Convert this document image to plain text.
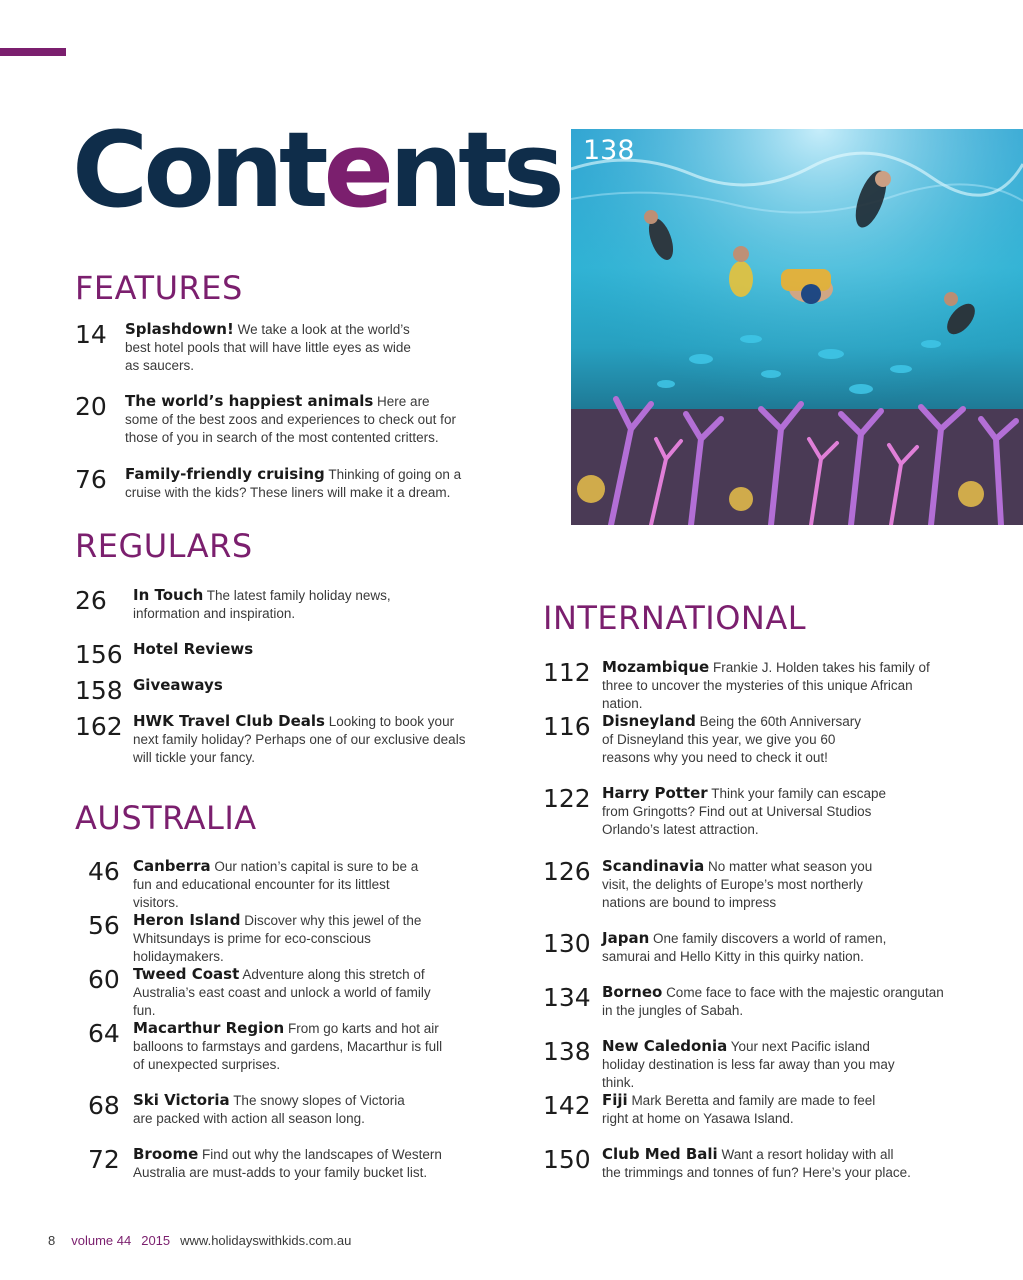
Contents 138
FEATURES
14	Splashdown! We take a look at the world’s best hotel pools that will have little eyes as wide as saucers.
20	The world’s happiest animals Here are some of the best zoos and experiences to check out for those of you in search of the most contented critters.
76	Family-friendly cruising Thinking of going on a cruise with the kids? These liners will make it a dream.
REGULARS
26	In Touch The latest family holiday news, information and inspiration.
156 Hotel Reviews
158 Giveaways
162 HWK Travel Club Deals Looking to book your next family holiday? Perhaps one of our exclusive deals will tickle your fancy.
AUSTRALIA
46 Canberra Our nation’s capital is sure to be a fun and educational encounter for its littlest visitors.
56 Heron Island Discover why this jewel of the Whitsundays is prime for eco-conscious holidaymakers.
60 Tweed Coast Adventure along this stretch of Australia’s east coast and unlock a world of family fun.
64 Macarthur Region From go karts and hot air balloons to farmstays and gardens, Macarthur is full of unexpected surprises.
68 Ski Victoria The snowy slopes of Victoria are packed with action all season long.
72 Broome Find out why the landscapes of Western Australia are must-adds to your family bucket list.
INTERNATIONAL
112 Mozambique Frankie J. Holden takes his family of three to uncover the mysteries of this unique African nation.
116 Disneyland Being the 60th Anniversary of Disneyland this year, we give you 60 reasons why you need to check it out!
122 Harry Potter Think your family can escape from Gringotts? Find out at Universal Studios Orlando’s latest attraction.
126 Scandinavia No matter what season you visit, the delights of Europe’s most northerly nations are bound to impress
130 Japan One family discovers a world of ramen, samurai and Hello Kitty in this quirky nation.
134 Borneo Come face to face with the majestic orangutan in the jungles of Sabah.
138 New Caledonia Your next Pacific island holiday destination is less far away than you may think.
142 Fiji Mark Beretta and family are made to feel right at home on Yasawa Island.
150 Club Med Bali Want a resort holiday with all the trimmings and tonnes of fun? Here’s your place.
8 volume 44 2015 www.holidayswithkids.com.au
